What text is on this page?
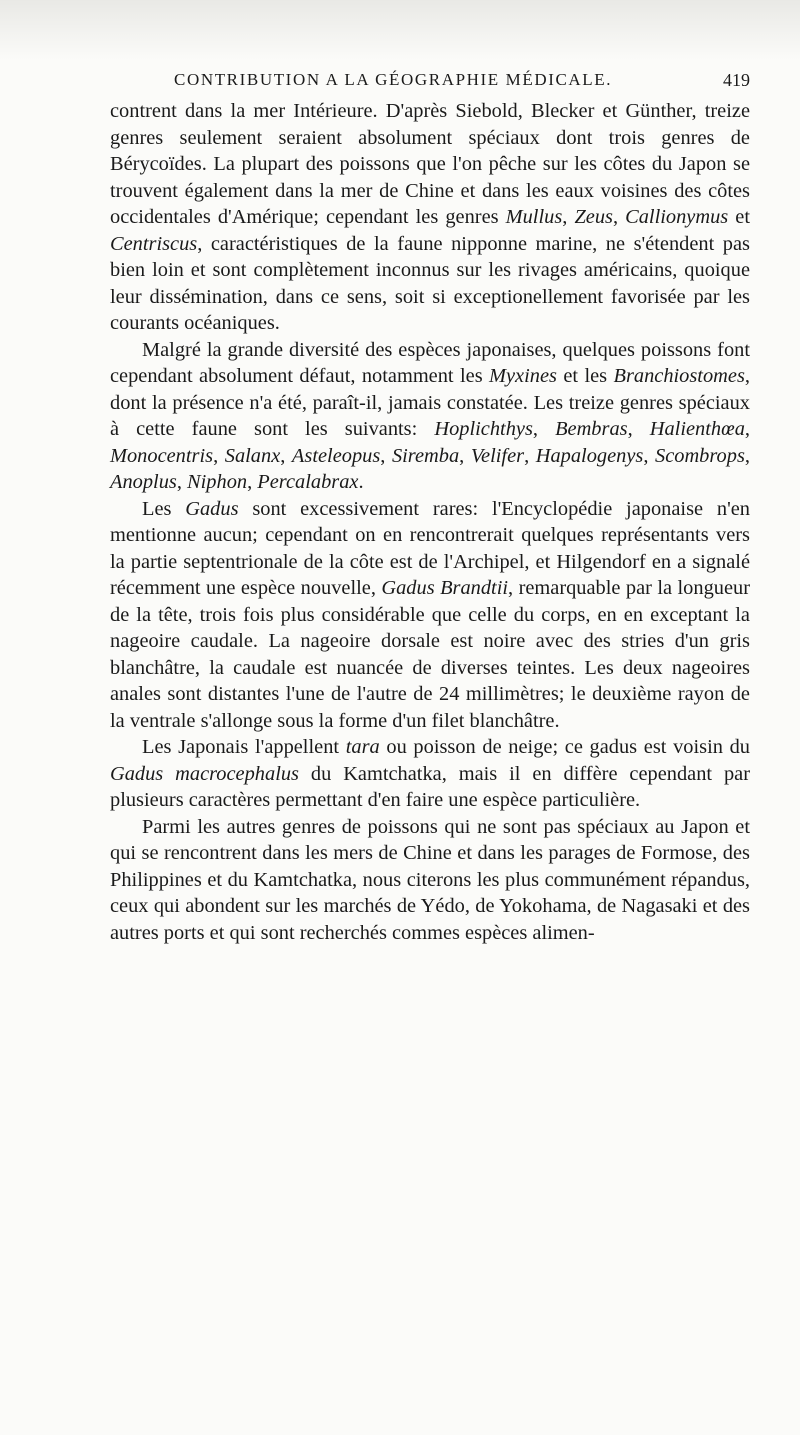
CONTRIBUTION A LA GÉOGRAPHIE MÉDICALE.	419

contrent dans la mer Intérieure. D'après Siebold, Blecker et Günther, treize genres seulement seraient absolument spéciaux dont trois genres de Bérycoïdes. La plupart des poissons que l'on pêche sur les côtes du Japon se trouvent également dans la mer de Chine et dans les eaux voisines des côtes occidentales d'Amérique; cependant les genres Mullus, Zeus, Callionymus et Centriscus, caractéristiques de la faune nipponne marine, ne s'étendent pas bien loin et sont complètement inconnus sur les rivages américains, quoique leur dissémination, dans ce sens, soit si exceptionellement favorisée par les courants océaniques.

Malgré la grande diversité des espèces japonaises, quelques poissons font cependant absolument défaut, notamment les Myxines et les Branchiostomes, dont la présence n'a été, paraît-il, jamais constatée. Les treize genres spéciaux à cette faune sont les suivants: Hoplichthys, Bembras, Halienthœa, Monocentris, Salanx, Asteleopus, Siremba, Velifer, Hapalogenys, Scombrops, Anoplus, Niphon, Percalabrax.

Les Gadus sont excessivement rares: l'Encyclopédie japonaise n'en mentionne aucun; cependant on en rencontrerait quelques représentants vers la partie septentrionale de la côte est de l'Archipel, et Hilgendorf en a signalé récemment une espèce nouvelle, Gadus Brandtii, remarquable par la longueur de la tête, trois fois plus considérable que celle du corps, en en exceptant la nageoire caudale. La nageoire dorsale est noire avec des stries d'un gris blanchâtre, la caudale est nuancée de diverses teintes. Les deux nageoires anales sont distantes l'une de l'autre de 24 millimètres; le deuxième rayon de la ventrale s'allonge sous la forme d'un filet blanchâtre.

Les Japonais l'appellent tara ou poisson de neige; ce gadus est voisin du Gadus macrocephalus du Kamtchatka, mais il en diffère cependant par plusieurs caractères permettant d'en faire une espèce particulière.

Parmi les autres genres de poissons qui ne sont pas spéciaux au Japon et qui se rencontrent dans les mers de Chine et dans les parages de Formose, des Philippines et du Kamtchatka, nous citerons les plus communément répandus, ceux qui abondent sur les marchés de Yédo, de Yokohama, de Nagasaki et des autres ports et qui sont recherchés commes espèces alimen-
